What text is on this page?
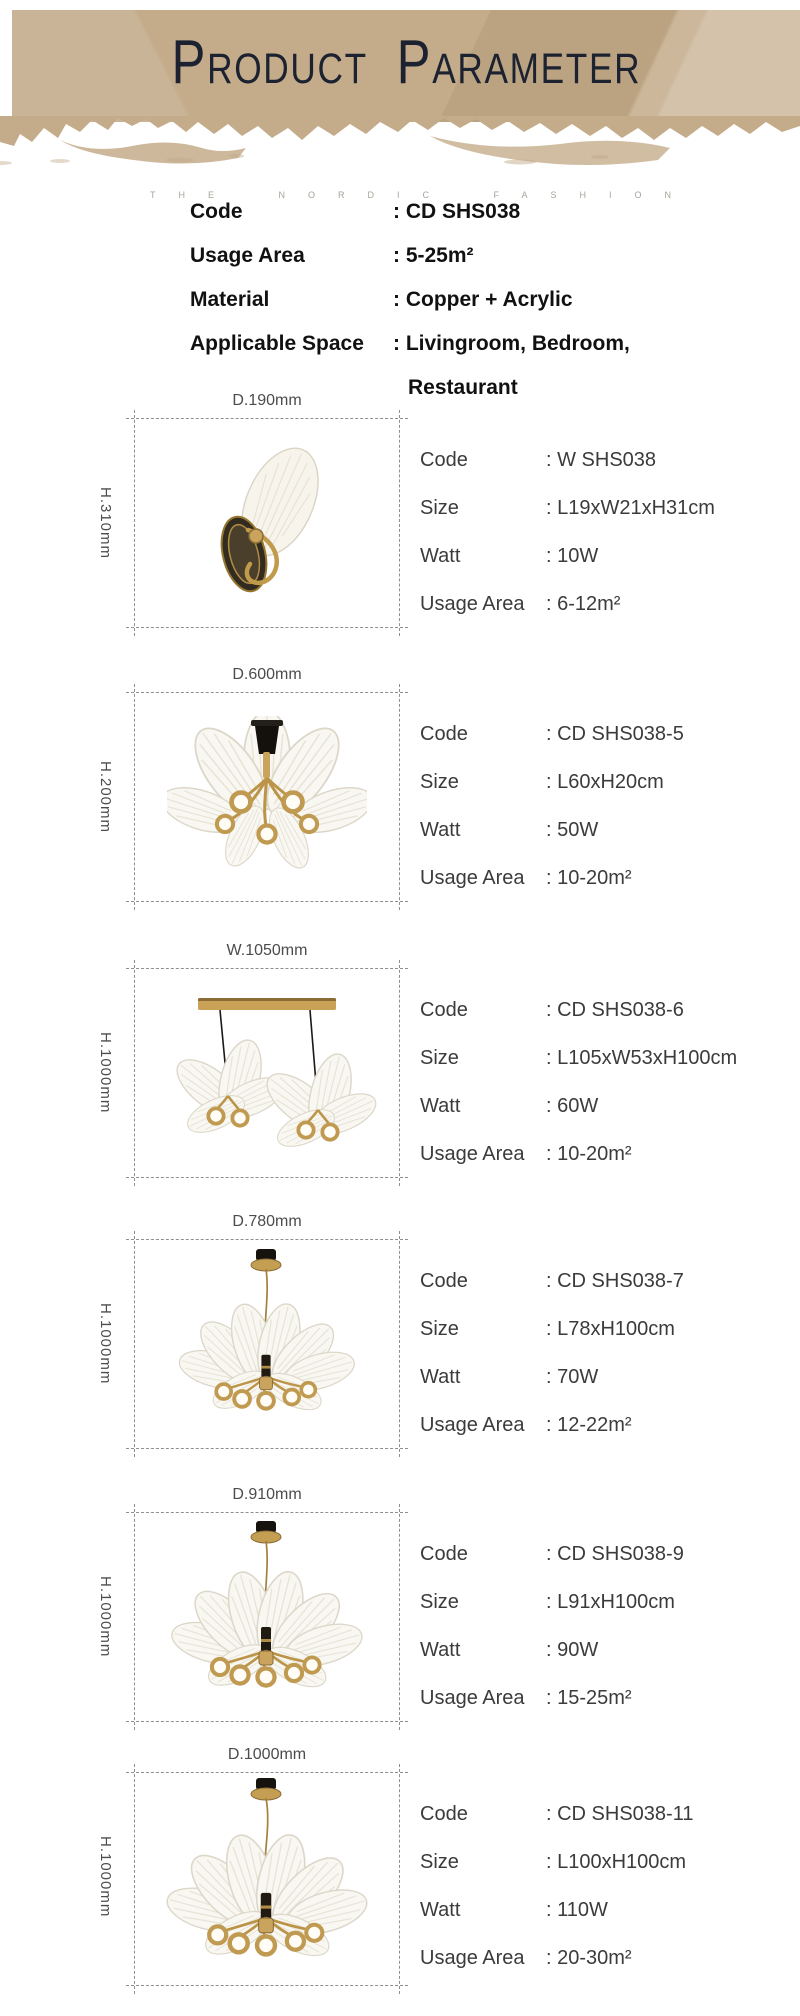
Product Parameter
THE NORDIC FASHION
Code	: CD SHS038
Usage Area	: 5-25m²
Material	: Copper + Acrylic
Applicable Space	: Livingroom, Bedroom,
Restaurant
D.190mm
H.310mm
Code	: W SHS038
Size	: L19xW21xH31cm
Watt	: 10W
Usage Area	: 6-12m²
D.600mm
H.200mm
Code	: CD SHS038-5
Size	: L60xH20cm
Watt	: 50W
Usage Area	: 10-20m²
W.1050mm
H.1000mm
Code	: CD SHS038-6
Size	: L105xW53xH100cm
Watt	: 60W
Usage Area	: 10-20m²
D.780mm
H.1000mm
Code	: CD SHS038-7
Size	: L78xH100cm
Watt	: 70W
Usage Area	: 12-22m²
D.910mm
H.1000mm
Code	: CD SHS038-9
Size	: L91xH100cm
Watt	: 90W
Usage Area	: 15-25m²
D.1000mm
H.1000mm
Code	: CD SHS038-11
Size	: L100xH100cm
Watt	: 110W
Usage Area	: 20-30m²
